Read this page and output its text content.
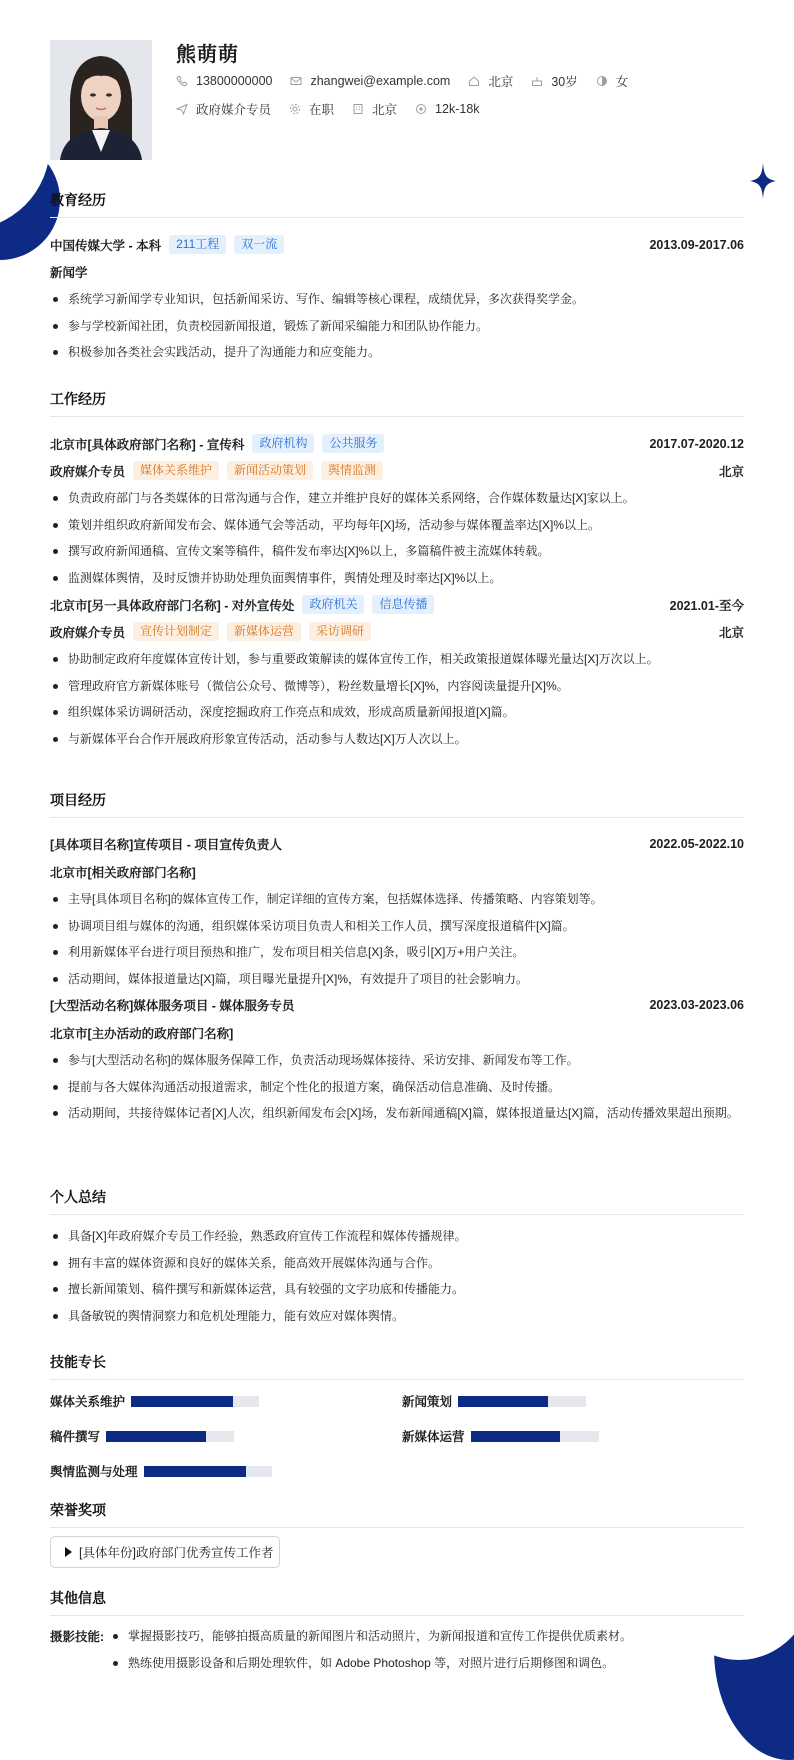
熊萌萌
13800000000	zhangwei@example.com	北京	30岁	女
政府媒介专员	在职	北京	12k-18k
教育经历
中国传媒大学 - 本科	211工程	双一流	2013.09-2017.06
新闻学
系统学习新闻学专业知识，包括新闻采访、写作、编辑等核心课程，成绩优异，多次获得奖学金。
参与学校新闻社团，负责校园新闻报道，锻炼了新闻采编能力和团队协作能力。
积极参加各类社会实践活动，提升了沟通能力和应变能力。
工作经历
北京市[具体政府部门名称] - 宣传科	政府机构	公共服务	2017.07-2020.12
政府媒介专员	媒体关系维护	新闻活动策划	舆情监测	北京
负责政府部门与各类媒体的日常沟通与合作，建立并维护良好的媒体关系网络，合作媒体数量达[X]家以上。
策划并组织政府新闻发布会、媒体通气会等活动，平均每年[X]场，活动参与媒体覆盖率达[X]%以上。
撰写政府新闻通稿、宣传文案等稿件，稿件发布率达[X]%以上，多篇稿件被主流媒体转载。
监测媒体舆情，及时反馈并协助处理负面舆情事件，舆情处理及时率达[X]%以上。
北京市[另一具体政府部门名称] - 对外宣传处	政府机关	信息传播	2021.01-至今
政府媒介专员	宣传计划制定	新媒体运营	采访调研	北京
协助制定政府年度媒体宣传计划，参与重要政策解读的媒体宣传工作，相关政策报道媒体曝光量达[X]万次以上。
管理政府官方新媒体账号（微信公众号、微博等），粉丝数量增长[X]%，内容阅读量提升[X]%。
组织媒体采访调研活动，深度挖掘政府工作亮点和成效，形成高质量新闻报道[X]篇。
与新媒体平台合作开展政府形象宣传活动，活动参与人数达[X]万人次以上。
项目经历
[具体项目名称]宣传项目 - 项目宣传负责人	2022.05-2022.10
北京市[相关政府部门名称]
主导[具体项目名称]的媒体宣传工作，制定详细的宣传方案，包括媒体选择、传播策略、内容策划等。
协调项目组与媒体的沟通，组织媒体采访项目负责人和相关工作人员，撰写深度报道稿件[X]篇。
利用新媒体平台进行项目预热和推广，发布项目相关信息[X]条，吸引[X]万+用户关注。
活动期间，媒体报道量达[X]篇，项目曝光量提升[X]%，有效提升了项目的社会影响力。
[大型活动名称]媒体服务项目 - 媒体服务专员	2023.03-2023.06
北京市[主办活动的政府部门名称]
参与[大型活动名称]的媒体服务保障工作，负责活动现场媒体接待、采访安排、新闻发布等工作。
提前与各大媒体沟通活动报道需求，制定个性化的报道方案，确保活动信息准确、及时传播。
活动期间，共接待媒体记者[X]人次，组织新闻发布会[X]场，发布新闻通稿[X]篇，媒体报道量达[X]篇，活动传播效果超出预期。
个人总结
具备[X]年政府媒介专员工作经验，熟悉政府宣传工作流程和媒体传播规律。
拥有丰富的媒体资源和良好的媒体关系，能高效开展媒体沟通与合作。
擅长新闻策划、稿件撰写和新媒体运营，具有较强的文字功底和传播能力。
具备敏锐的舆情洞察力和危机处理能力，能有效应对媒体舆情。
技能专长
媒体关系维护	新闻策划
稿件撰写	新媒体运营
舆情监测与处理
荣誉奖项
[具体年份]政府部门优秀宣传工作者
其他信息
摄影技能:	掌握摄影技巧，能够拍摄高质量的新闻图片和活动照片，为新闻报道和宣传工作提供优质素材。
熟练使用摄影设备和后期处理软件，如 Adobe Photoshop 等，对照片进行后期修图和调色。
